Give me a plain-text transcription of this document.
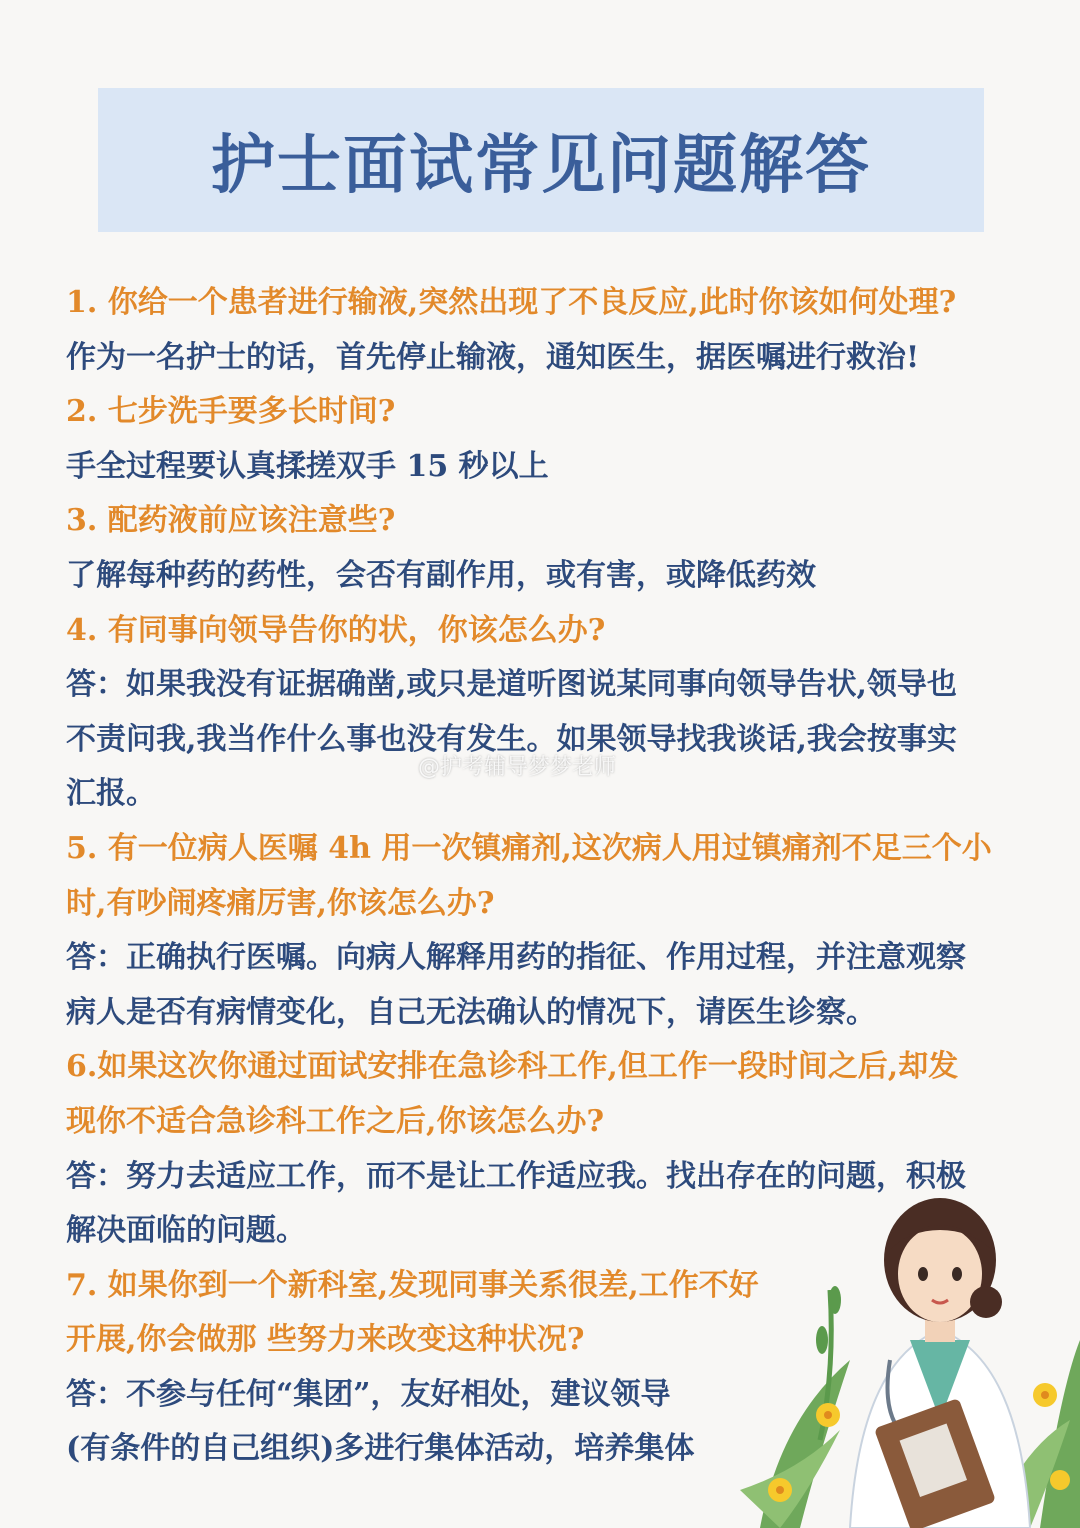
护士面试常见问题解答
1. 你给一个患者进行输液,突然出现了不良反应,此时你该如何处理?
作为一名护士的话，首先停止输液，通知医生，据医嘱进行救治!
2. 七步洗手要多长时间?
手全过程要认真揉搓双手 15 秒以上
3. 配药液前应该注意些?
了解每种药的药性，会否有副作用，或有害，或降低药效
4. 有同事向领导告你的状，你该怎么办?
答：如果我没有证据确凿,或只是道听图说某同事向领导告状,领导也
不责问我,我当作什么事也没有发生。如果领导找我谈话,我会按事实
汇报。
5. 有一位病人医嘱 4h 用一次镇痛剂,这次病人用过镇痛剂不足三个小
时,有吵闹疼痛厉害,你该怎么办?
答：正确执行医嘱。向病人解释用药的指征、作用过程，并注意观察
病人是否有病情变化，自己无法确认的情况下，请医生诊察。
6.如果这次你通过面试安排在急诊科工作,但工作一段时间之后,却发
现你不适合急诊科工作之后,你该怎么办?
答：努力去适应工作，而不是让工作适应我。找出存在的问题，积极
解决面临的问题。
7. 如果你到一个新科室,发现同事关系很差,工作不好
开展,你会做那 些努力来改变这种状况?
答：不参与任何“集团”，友好相处，建议领导
(有条件的自己组织)多进行集体活动，培养集体
@护考辅导梦梦老师
